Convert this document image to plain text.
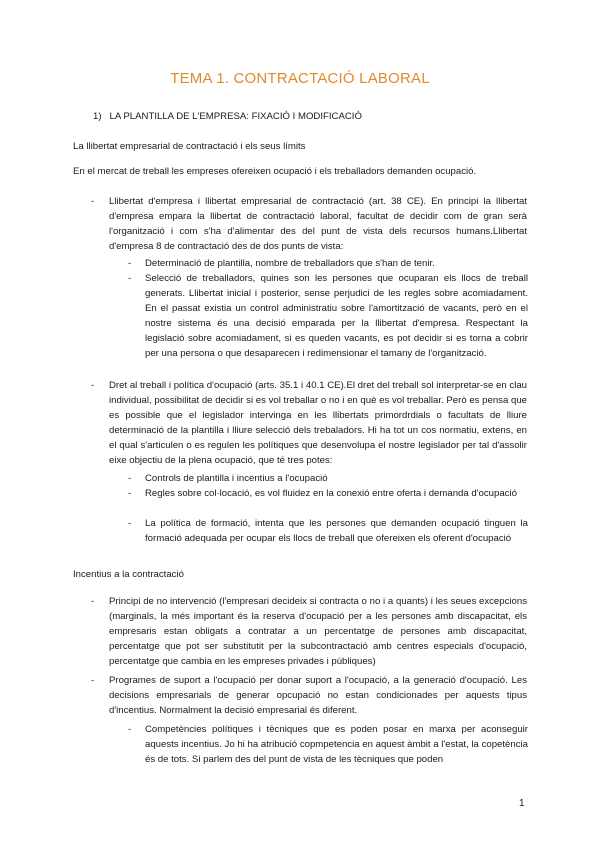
TEMA 1. CONTRACTACIÓ LABORAL

1)   LA PLANTILLA DE L'EMPRESA: FIXACIÓ I MODIFICACIÓ

La llibertat empresarial de contractació i els seus límits

En el mercat de treball les empreses ofereixen ocupació i els treballadors demanden ocupació.

-	Llibertat d'empresa i llibertat empresarial de contractació (art. 38 CE). En principi la llibertat d'empresa empara la llibertat de contractació laboral, facultat de decidir com de gran serà l'organització i com s'ha d'alimentar des del punt de vista dels recursos humans.Llibertat d'empresa 8 de contractació des de dos punts de vista:

-	Determinació de plantilla, nombre de treballadors que s'han de tenir.

-	Selecció de treballadors, quines son les persones que ocuparan els llocs de treball generats. Llibertat inicial i posterior, sense perjudici de les regles sobre acomiadament. En el passat existia un control administratiu sobre l'amortització de vacants, però en el nostre sistema és una decisió emparada per la llibertat d'empresa. Respectant la legislació sobre acomiadament, si es queden vacants, es pot decidir si es torna a cobrir per una persona o que desaparecen i redimensionar el tamany de l'organització.

-	Dret al treball i política d'ocupació (arts. 35.1 i 40.1 CE).El dret del treball sol interpretar-se en clau individual, possibilitat de decidir si es vol treballar o no i en què es vol treballar. Però es pensa que es possible que el legislador intervinga en les llibertats primordrdials o facultats de lliure determinació de la plantilla i lliure selecció dels trebaladors. Hi ha tot un cos normatiu, extens, en el qual s'articulen o es regulen les polítiques que desenvolupa el nostre legislador per tal d'assolir eixe objectiu de la plena ocupació, que té tres potes:

-	Controls de plantilla i incentius a l'ocupació

-	Regles sobre col·locació, es vol fluidez en la conexió entre oferta i demanda d'ocupació

-	La política de formació, intenta que les persones que demanden ocupació tinguen la formació adequada per ocupar els llocs de treball que ofereixen els oferent d'ocupació

Incentius a la contractació

-	Principi de no intervenció (l'empresari decideix si contracta o no i a quants) i les seues excepcions (marginals, la més important és la reserva d'ocupació per a les persones amb discapacitat, els empresaris estan obligats a contratar a un percentatge de persones amb discapacitat, percentatge que pot ser substitutit per la subcontractació amb centres especials d'ocupació, percentatge que cambia en les empreses privades i públiques)

-	Programes de suport a l'ocupació per donar suport a l'ocupació, a la generació d'ocupació. Les decisions empresarials de generar opcupació no estan condicionades per aquests tipus d'incentius. Normalment la decisió empresarial és diferent.

-	Competències polítiques i tècniques que es poden posar en marxa per aconseguir aquests incentius. Jo hi ha atribució copmpetencia en aquest àmbit a l'estat, la copetència és de tots. Si parlem des del punt de vista de les tècniques que poden

1
